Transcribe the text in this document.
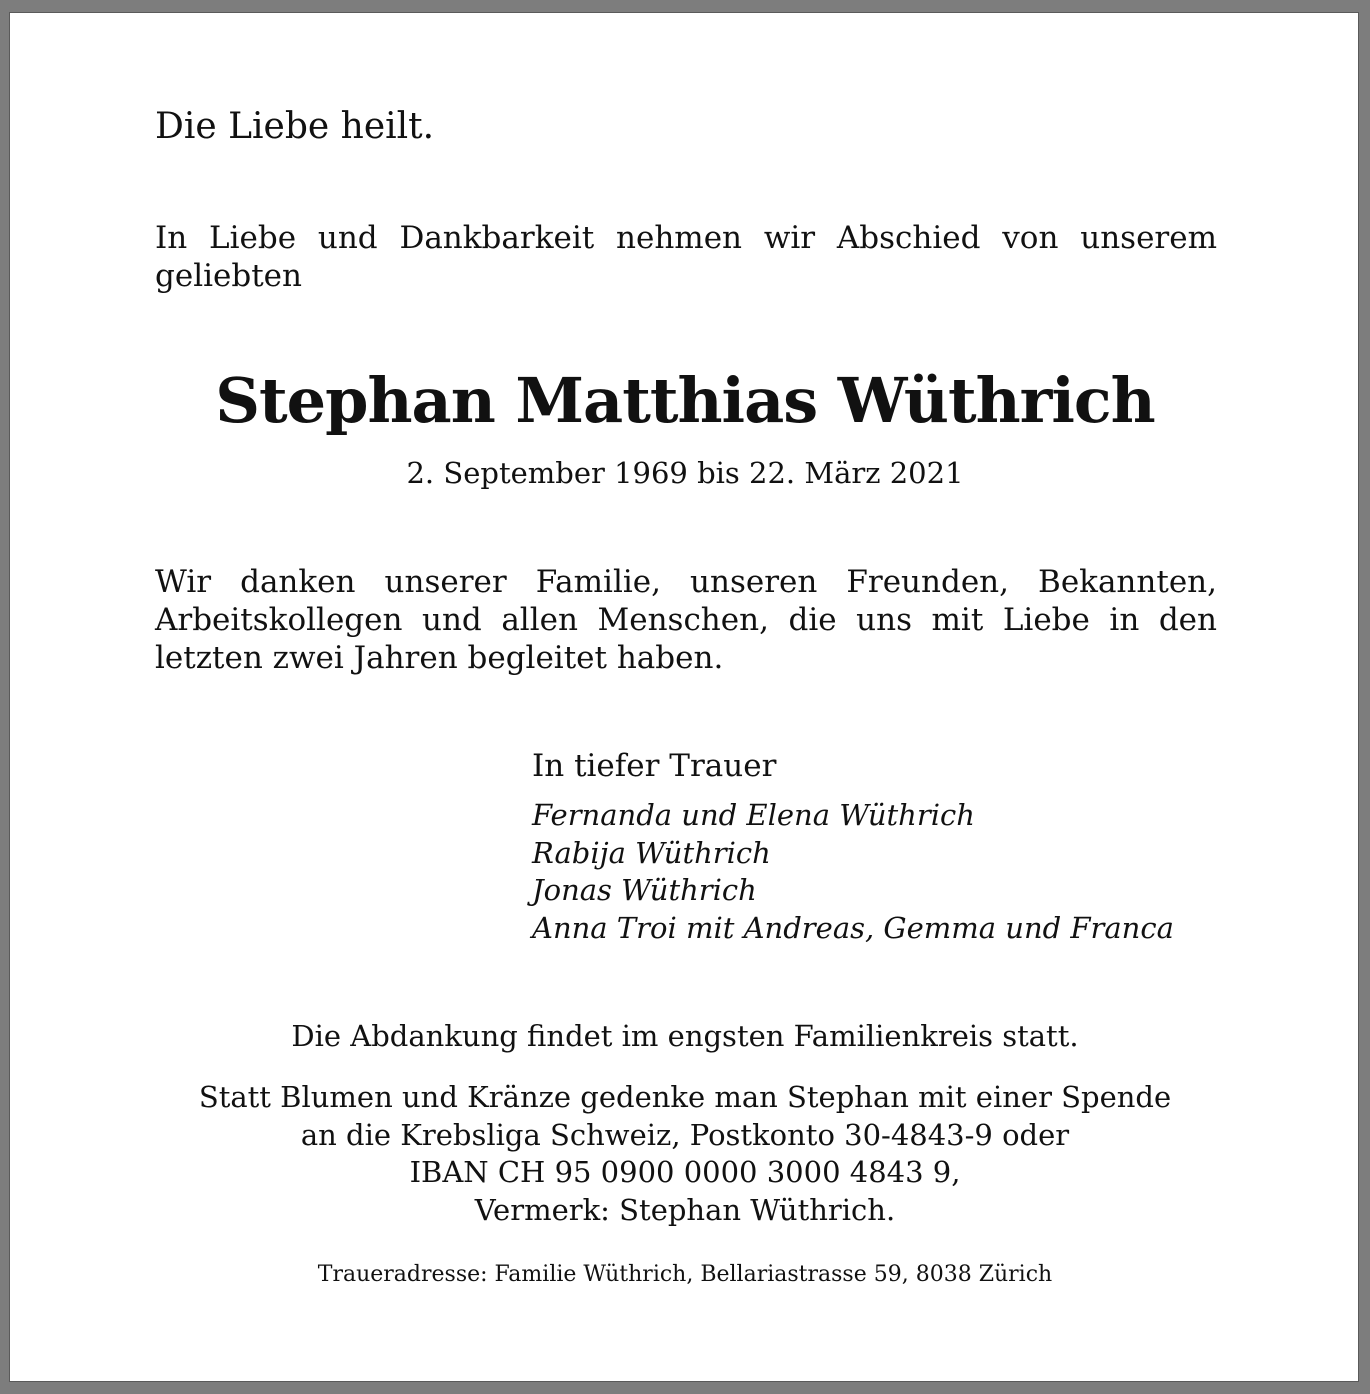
Die Liebe heilt.

In Liebe und Dankbarkeit nehmen wir Abschied von unserem geliebten

Stephan Matthias Wüthrich

2. September 1969 bis 22. März 2021

Wir danken unserer Familie, unseren Freunden, Bekannten, Arbeitskollegen und allen Menschen, die uns mit Liebe in den letzten zwei Jahren begleitet haben.

In tiefer Trauer

Fernanda und Elena Wüthrich
Rabija Wüthrich
Jonas Wüthrich
Anna Troi mit Andreas, Gemma und Franca

Die Abdankung findet im engsten Familienkreis statt.

Statt Blumen und Kränze gedenke man Stephan mit einer Spende
an die Krebsliga Schweiz, Postkonto 30-4843-9 oder
IBAN CH 95 0900 0000 3000 4843 9,
Vermerk: Stephan Wüthrich.

Traueradresse: Familie Wüthrich, Bellariastrasse 59, 8038 Zürich
